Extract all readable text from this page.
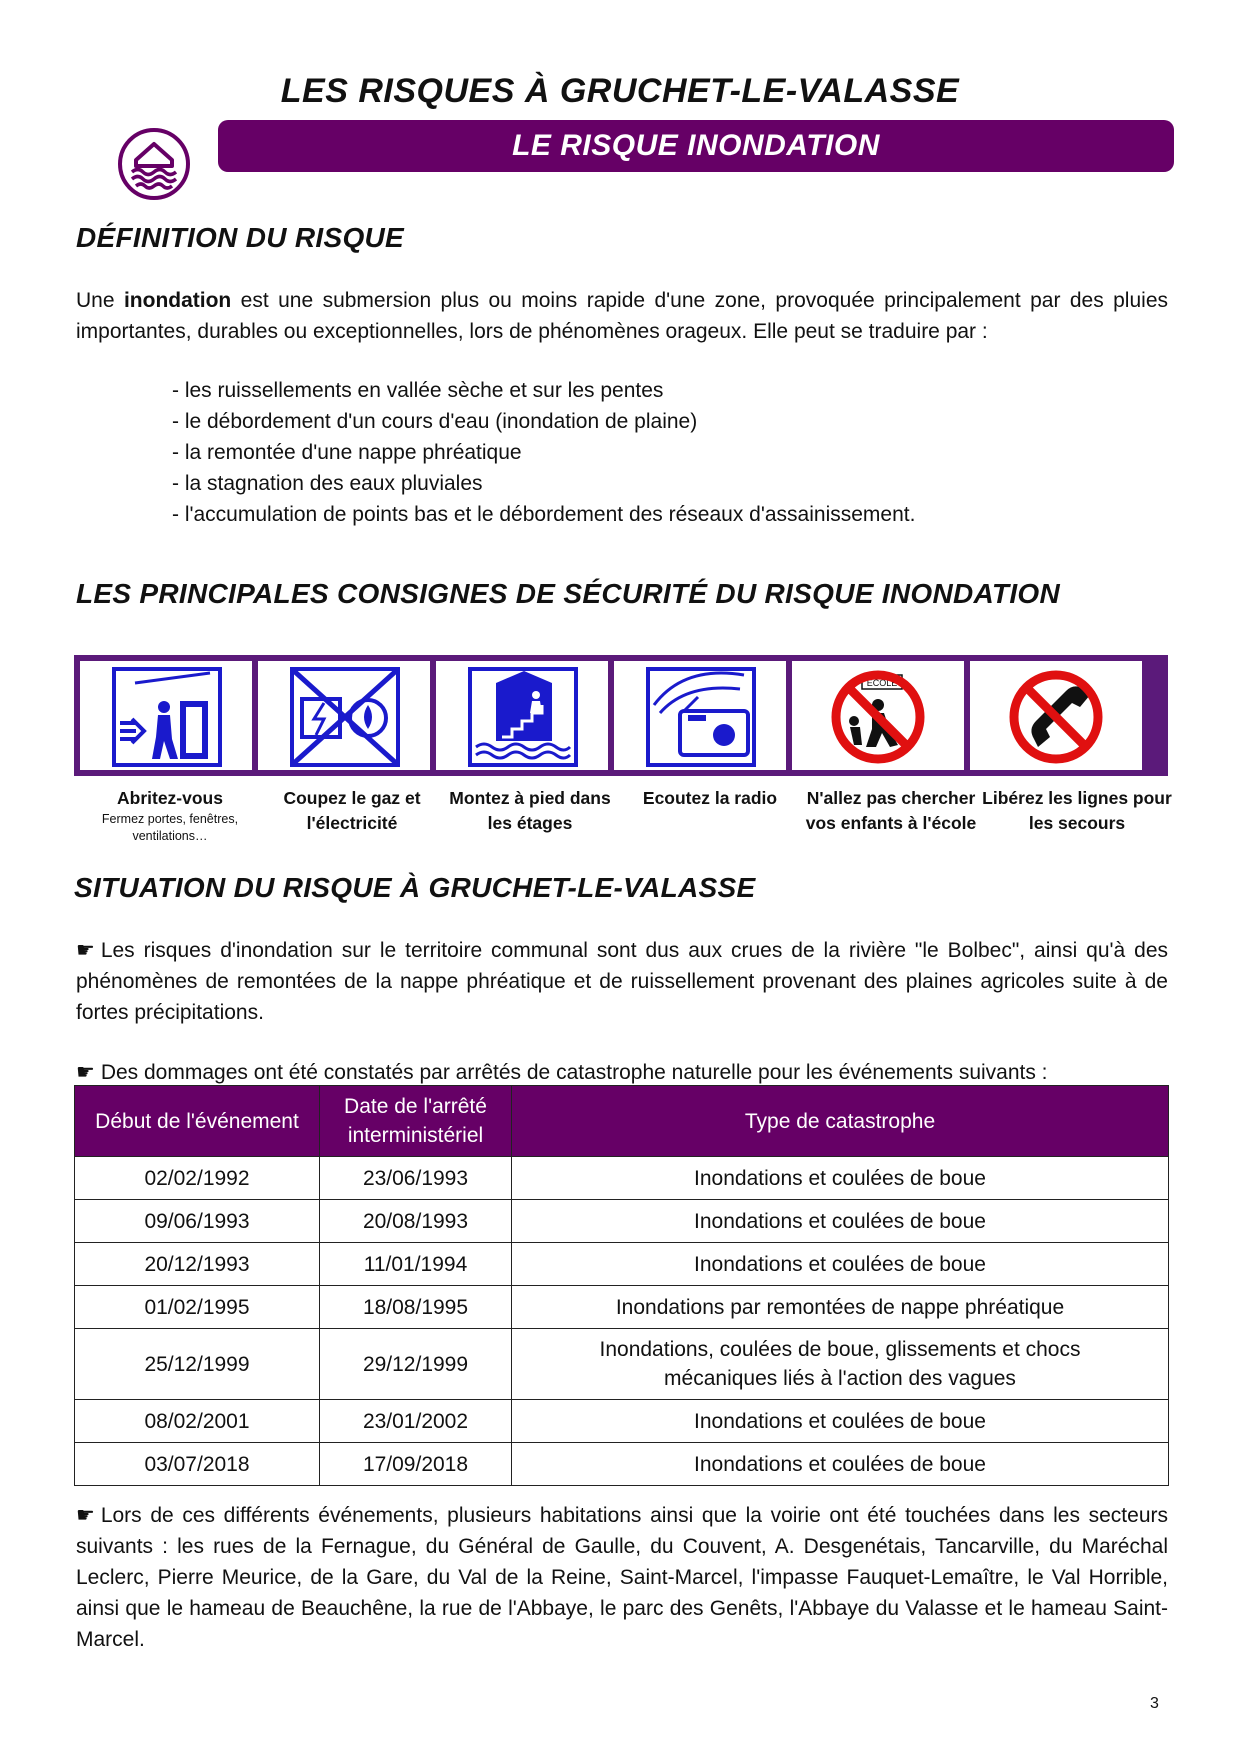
LES RISQUES À GRUCHET-LE-VALASSE
LE RISQUE INONDATION
DÉFINITION DU RISQUE
Une inondation est une submersion plus ou moins rapide d'une zone, provoquée principalement par des pluies importantes, durables ou exceptionnelles, lors de phénomènes orageux. Elle peut se traduire par :
- les ruissellements en vallée sèche et sur les pentes
- le débordement d'un cours d'eau (inondation de plaine)
- la remontée d'une nappe phréatique
- la stagnation des eaux pluviales
- l'accumulation de points bas et le débordement des réseaux d'assainissement.
LES PRINCIPALES CONSIGNES DE SÉCURITÉ DU RISQUE INONDATION
ECOLE
Abritez-vous
Fermez portes, fenêtres, ventilations…
Coupez le gaz et l'électricité
Montez à pied dans les étages
Ecoutez la radio	N'allez pas chercher vos enfants à l'école
Libérez les lignes pour les secours
SITUATION DU RISQUE À GRUCHET-LE-VALASSE
☛ Les risques d'inondation sur le territoire communal sont dus aux crues de la rivière "le Bolbec", ainsi qu'à des phénomènes de remontées de la nappe phréatique et de ruissellement provenant des plaines agricoles suite à de fortes précipitations.
☛ Des dommages ont été constatés par arrêtés de catastrophe naturelle pour les événements suivants :
Début de l'événement	Date de l'arrêté interministériel	Type de catastrophe
02/02/1992	23/06/1993	Inondations et coulées de boue
09/06/1993	20/08/1993	Inondations et coulées de boue
20/12/1993	11/01/1994	Inondations et coulées de boue
01/02/1995	18/08/1995	Inondations par remontées de nappe phréatique
25/12/1999	29/12/1999	Inondations, coulées de boue, glissements et chocs mécaniques liés à l'action des vagues
08/02/2001	23/01/2002	Inondations et coulées de boue
03/07/2018	17/09/2018	Inondations et coulées de boue
☛ Lors de ces différents événements, plusieurs habitations ainsi que la voirie ont été touchées dans les secteurs suivants : les rues de la Fernague, du Général de Gaulle, du Couvent, A. Desgenétais, Tancarville, du Maréchal Leclerc, Pierre Meurice, de la Gare, du Val de la Reine, Saint-Marcel, l'impasse Fauquet-Lemaître, le Val Horrible, ainsi que le hameau de Beauchêne, la rue de l'Abbaye, le parc des Genêts, l'Abbaye du Valasse et le hameau Saint-Marcel.
3
